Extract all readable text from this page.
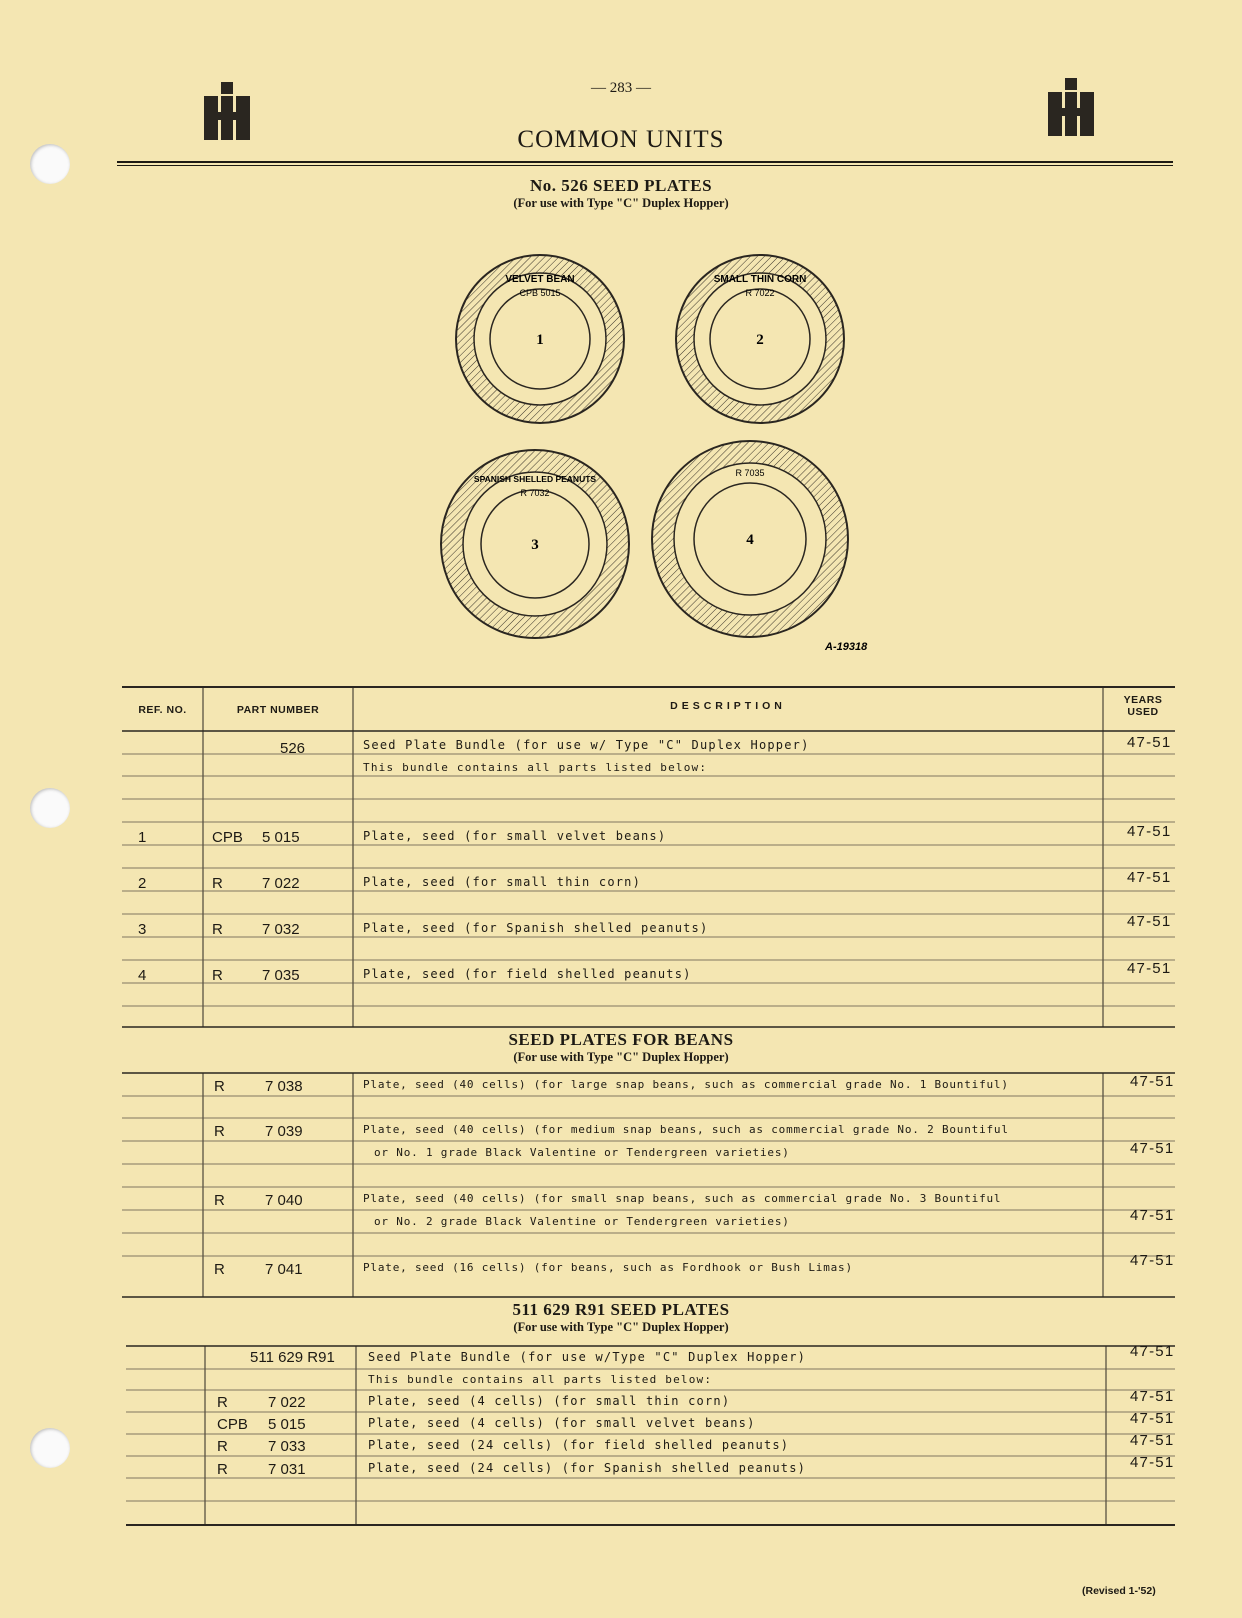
— 283 —
COMMON UNITS
No. 526 SEED PLATES
(For use with Type "C" Duplex Hopper)
1
VELVET BEAN
CPB 5015
2
SMALL THIN CORN
R 7022
3
SPANISH SHELLED PEANUTS
R 7032
4
R 7035
A-19318
REF. NO.	PART NUMBER	DESCRIPTION	YEARS USED
526	Seed Plate Bundle (for use w/ Type "C" Duplex Hopper)	47-51
This bundle contains all parts listed below:
1	CPB 5 015	Plate, seed (for small velvet beans)	47-51
2	R	7 022	Plate, seed (for small thin corn)	47-51
3	R	7 032	Plate, seed (for Spanish shelled peanuts)	47-51
4	R	7 035	Plate, seed (for field shelled peanuts)	47-51
SEED PLATES FOR BEANS
(For use with Type "C" Duplex Hopper)
R	7 038	Plate, seed (40 cells) (for large snap beans, such as commercial grade No. 1 Bountiful)	47-51
R	7 039	Plate, seed (40 cells) (for medium snap beans, such as commercial grade No. 2 Bountiful
or No. 1 grade Black Valentine or Tendergreen varieties)	47-51
R	7 040	Plate, seed (40 cells) (for small snap beans, such as commercial grade No. 3 Bountiful
or No. 2 grade Black Valentine or Tendergreen varieties)	47-51
R	7 041	Plate, seed (16 cells) (for beans, such as Fordhook or Bush Limas)	47-51
511 629 R91 SEED PLATES
(For use with Type "C" Duplex Hopper)
511 629 R91	Seed Plate Bundle (for use w/Type "C" Duplex Hopper)	47-51
This bundle contains all parts listed below:
R	7 022	Plate, seed (4 cells) (for small thin corn)	47-51
CPB 5 015	Plate, seed (4 cells) (for small velvet beans)	47-51
R	7 033	Plate, seed (24 cells) (for field shelled peanuts)	47-51
R	7 031	Plate, seed (24 cells) (for Spanish shelled peanuts)	47-51
(Revised 1-'52)
